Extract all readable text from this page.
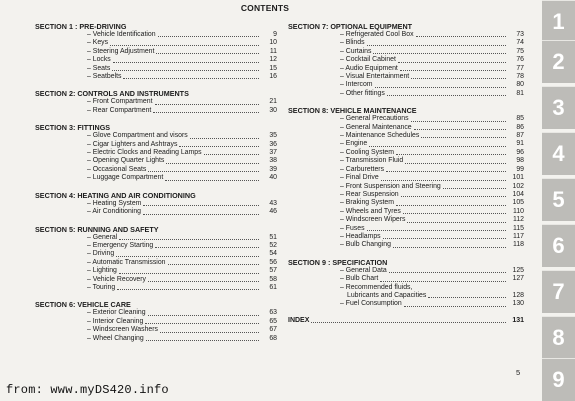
CONTENTS
SECTION 1 : PRE-DRIVING
– Vehicle Identification	9
– Keys	10
– Steering Adjustment	11
– Locks	12
– Seats	15
– Seatbelts	16
SECTION 2: CONTROLS AND INSTRUMENTS
– Front Compartment	21
– Rear Compartment	30
SECTION 3: FITTINGS
– Glove Compartment and visors	35
– Cigar Lighters and Ashtrays	36
– Electric Clocks and Reading Lamps	37
– Opening Quarter Lights	38
– Occasional Seats	39
– Luggage Compartment	40
SECTION 4: HEATING AND AIR CONDITIONING
– Heating System	43
– Air Conditioning	46
SECTION 5: RUNNING AND SAFETY
– General	51
– Emergency Starting	52
– Driving	54
– Automatic Transmission	56
– Lighting	57
– Vehicle Recovery	58
– Touring	61
SECTION 6: VEHICLE CARE
– Exterior Cleaning	63
– Interior Cleaning	65
– Windscreen Washers	67
– Wheel Changing	68
SECTION 7: OPTIONAL EQUIPMENT
– Refrigerated Cool Box	73
– Blinds	74
– Curtains	75
– Cocktail Cabinet	76
– Audio Equipment	77
– Visual Entertainment	78
– Intercom	80
– Other fittings	81
SECTION 8: VEHICLE MAINTENANCE
– General Precautions	85
– General Maintenance	86
– Maintenance Schedules	87
– Engine	91
– Cooling System	96
– Transmission Fluid	98
– Carburetters	99
– Final Drive	101
– Front Suspension and Steering	102
– Rear Suspension	104
– Braking System	105
– Wheels and Tyres	110
– Windscreen Wipers	112
– Fuses	115
– Headlamps	117
– Bulb Changing	118
SECTION 9 : SPECIFICATION
– General Data	125
– Bulb Chart	127
– Recommended fluids,
Lubricants and Capacities	128
– Fuel Consumption	130
INDEX	131
5
from: www.myDS420.info
1
2
3
4
5
6
7
8
9
